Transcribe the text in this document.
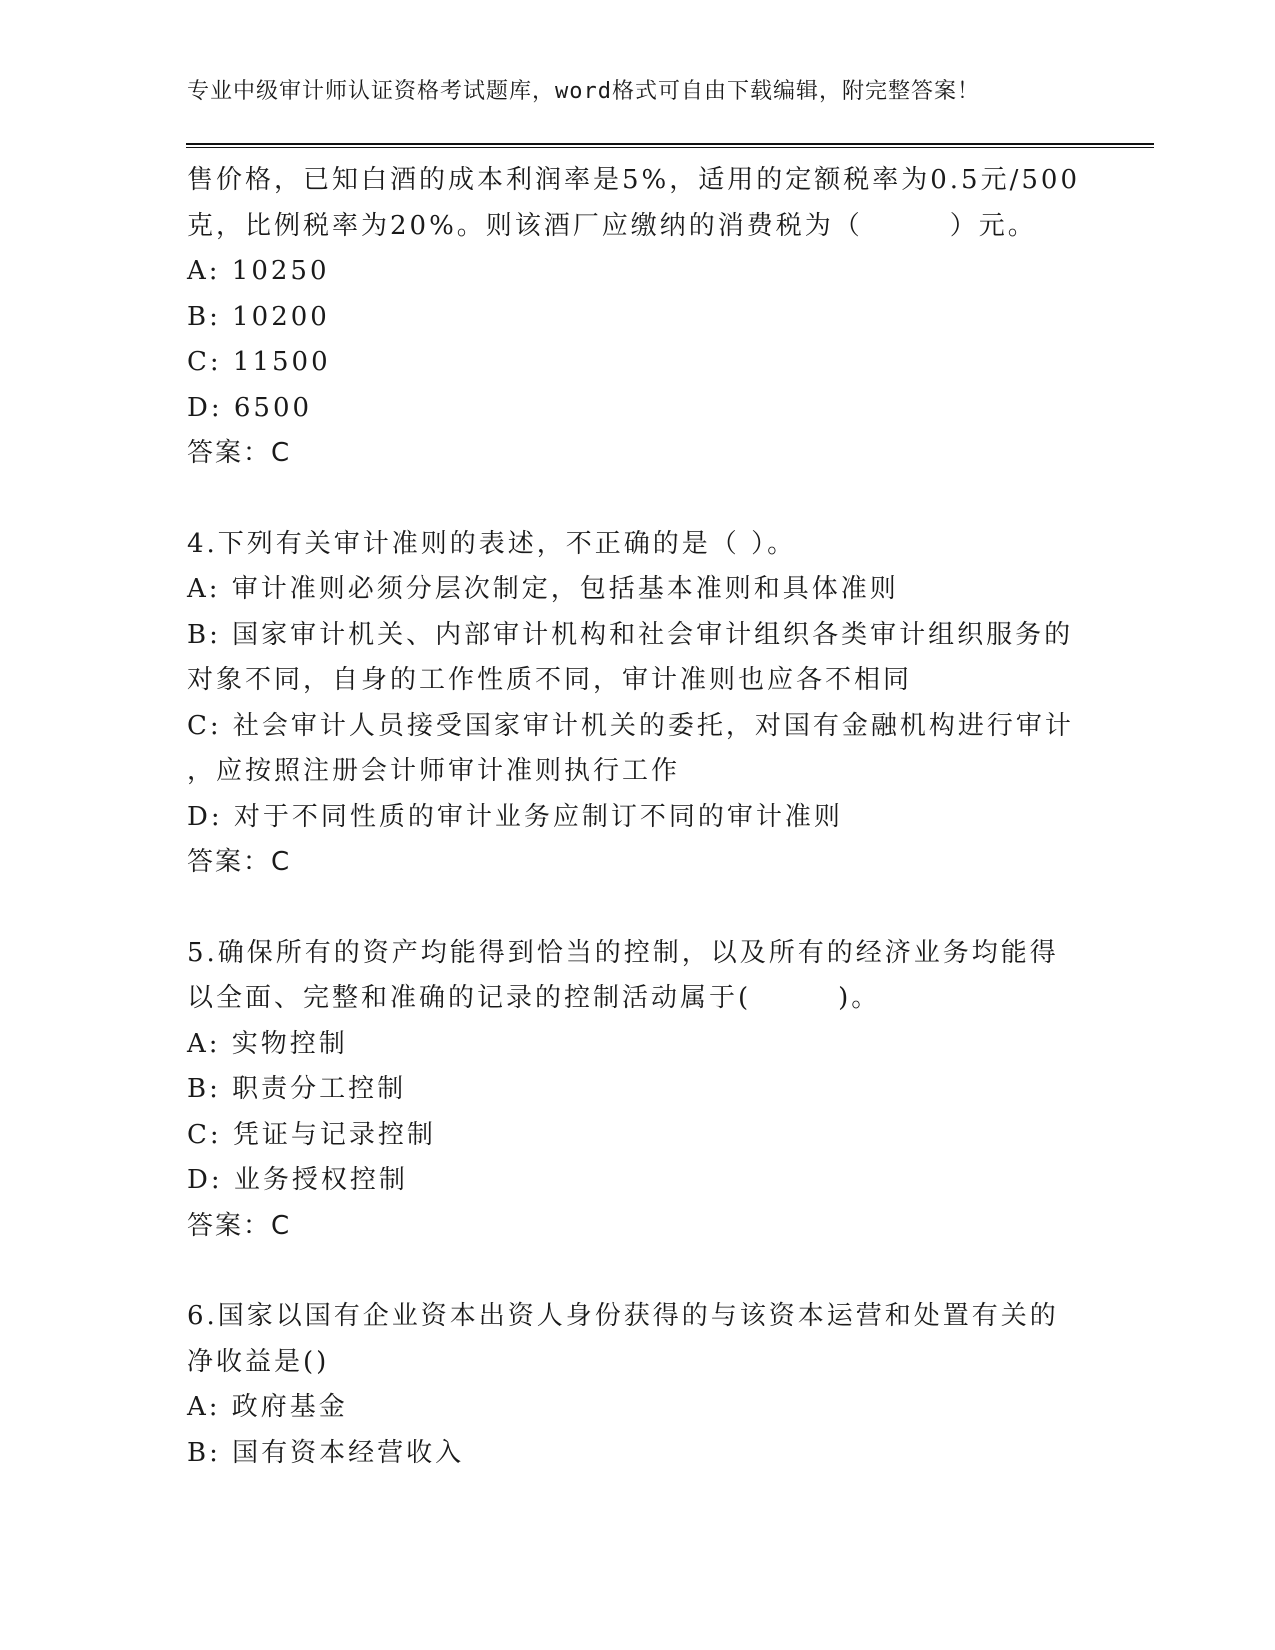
专业中级审计师认证资格考试题库，word格式可自由下载编辑，附完整答案！
售价格，已知白酒的成本利润率是5%，适用的定额税率为0.5元/500
克，比例税率为20%。则该酒厂应缴纳的消费税为（　　　）元。
A: 10250
B: 10200
C: 11500
D: 6500
答案：C
4.下列有关审计准则的表述，不正确的是（ ）。
A: 审计准则必须分层次制定，包括基本准则和具体准则
B: 国家审计机关、内部审计机构和社会审计组织各类审计组织服务的
对象不同，自身的工作性质不同，审计准则也应各不相同
C: 社会审计人员接受国家审计机关的委托，对国有金融机构进行审计
，应按照注册会计师审计准则执行工作
D: 对于不同性质的审计业务应制订不同的审计准则
答案：C
5.确保所有的资产均能得到恰当的控制，以及所有的经济业务均能得
以全面、完整和准确的记录的控制活动属于(　　　)。
A: 实物控制
B: 职责分工控制
C: 凭证与记录控制
D: 业务授权控制
答案：C
6.国家以国有企业资本出资人身份获得的与该资本运营和处置有关的
净收益是()
A: 政府基金
B: 国有资本经营收入
